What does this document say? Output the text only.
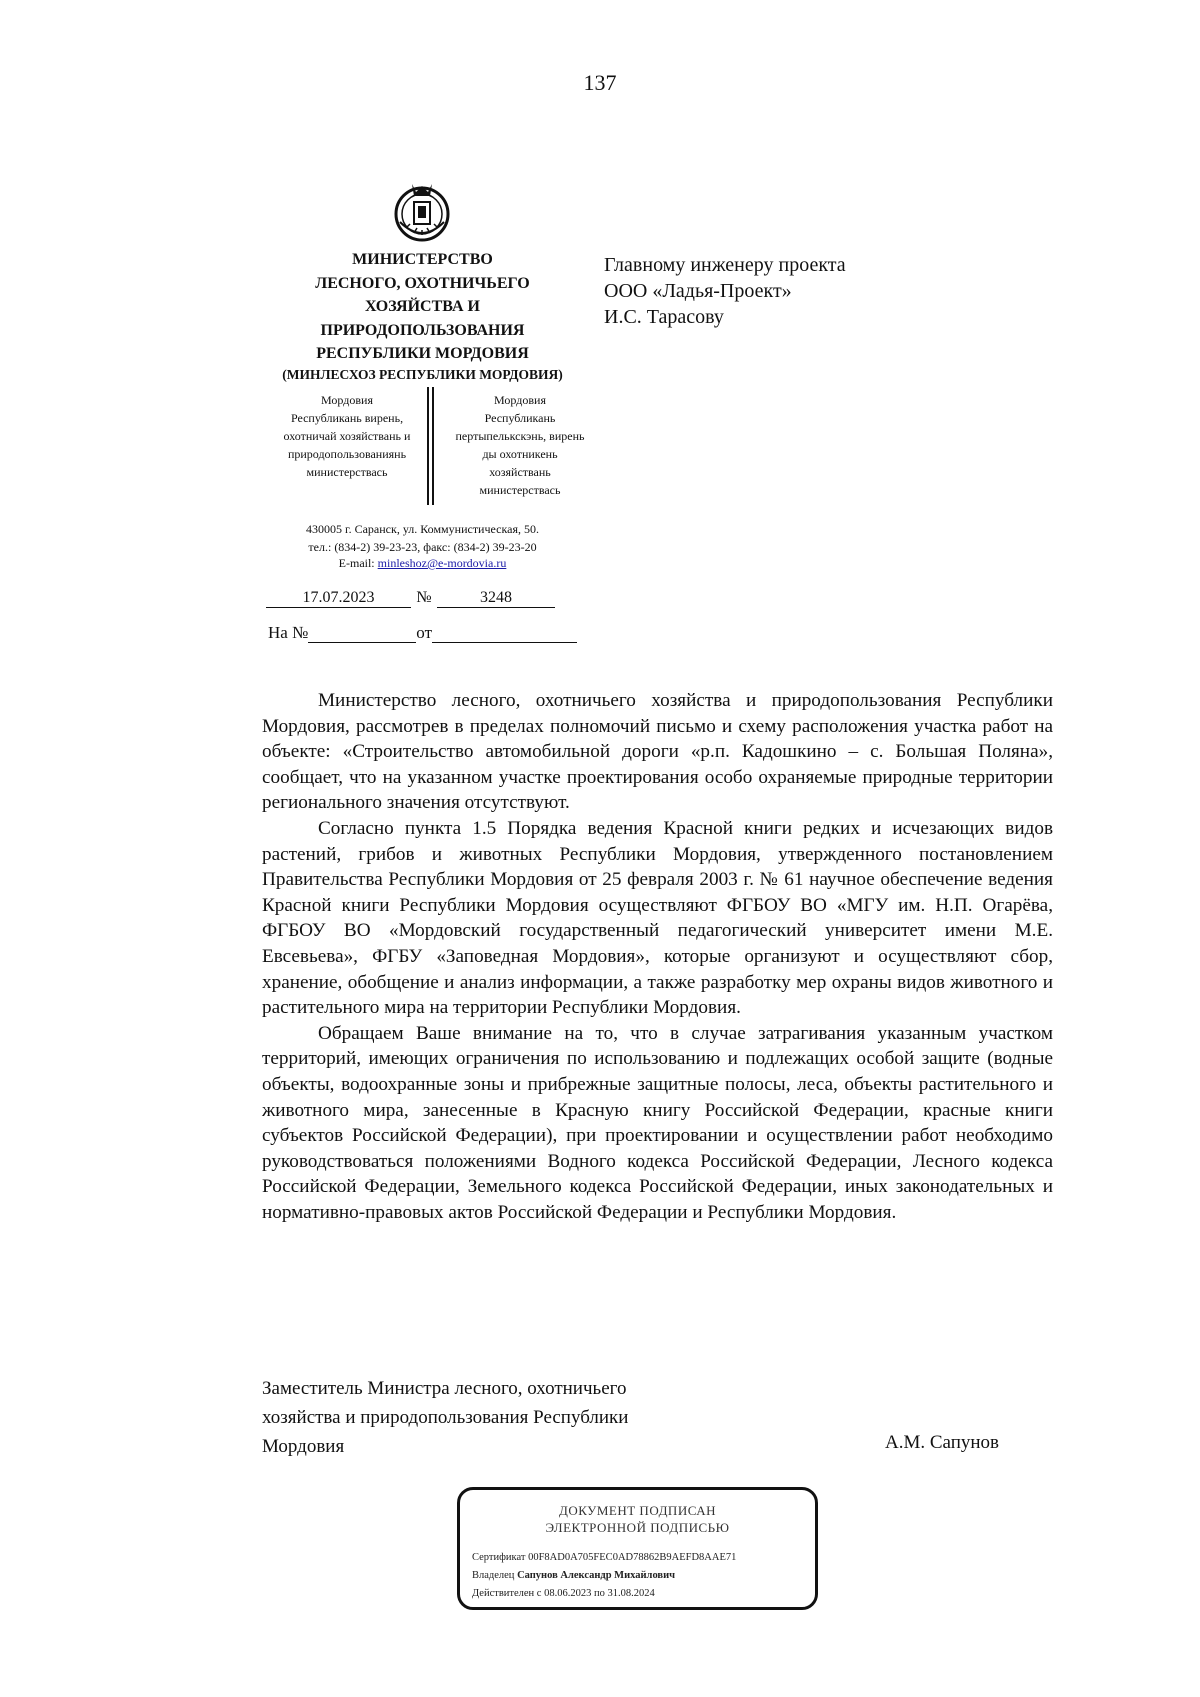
137
МИНИСТЕРСТВО
ЛЕСНОГО, ОХОТНИЧЬЕГО
ХОЗЯЙСТВА И
ПРИРОДОПОЛЬЗОВАНИЯ
РЕСПУБЛИКИ МОРДОВИЯ
(МИНЛЕСХОЗ РЕСПУБЛИКИ МОРДОВИЯ)
Мордовия
Республикань вирень,
охотничай хозяйствань и
природопользованиянь
министерствась
Мордовия
Республикань
пертыпелькскэнь, вирень
ды охотникень
хозяйствань
министерствась
430005 г. Саранск, ул. Коммунистическая, 50.
тел.: (834-2) 39-23-23, факс: (834-2) 39-23-20
E-mail: minleshoz@e-mordovia.ru
17.07.2023	№	3248
На №	от
Главному инженеру проекта
ООО «Ладья-Проект»
И.С. Тарасову

Министерство лесного, охотничьего хозяйства и природопользования Республики Мордовия, рассмотрев в пределах полномочий письмо и схему расположения участка работ на объекте: «Строительство автомобильной дороги «р.п. Кадошкино – с. Большая Поляна», сообщает, что на указанном участке проектирования особо охраняемые природные территории регионального значения отсутствуют.

Согласно пункта 1.5 Порядка ведения Красной книги редких и исчезающих видов растений, грибов и животных Республики Мордовия, утвержденного постановлением Правительства Республики Мордовия от 25 февраля 2003 г. № 61 научное обеспечение ведения Красной книги Республики Мордовия осуществляют ФГБОУ ВО «МГУ им. Н.П. Огарёва, ФГБОУ ВО «Мордовский государственный педагогический университет имени М.Е. Евсевьева», ФГБУ «Заповедная Мордовия», которые организуют и осуществляют сбор, хранение, обобщение и анализ информации, а также разработку мер охраны видов животного и растительного мира на территории Республики Мордовия.

Обращаем Ваше внимание на то, что в случае затрагивания указанным участком территорий, имеющих ограничения по использованию и подлежащих особой защите (водные объекты, водоохранные зоны и прибрежные защитные полосы, леса, объекты растительного и животного мира, занесенные в Красную книгу Российской Федерации, красные книги субъектов Российской Федерации), при проектировании и осуществлении работ необходимо руководствоваться положениями Водного кодекса Российской Федерации, Лесного кодекса Российской Федерации, Земельного кодекса Российской Федерации, иных законодательных и нормативно-правовых актов Российской Федерации и Республики Мордовия.

Заместитель Министра лесного, охотничьего
хозяйства и природопользования Республики
Мордовия	А.М. Сапунов
ДОКУМЕНТ ПОДПИСАН
ЭЛЕКТРОННОЙ ПОДПИСЬЮ
Сертификат 00F8AD0A705FEC0AD78862B9AEFD8AAE71
Владелец Сапунов Александр Михайлович
Действителен с 08.06.2023 по 31.08.2024
